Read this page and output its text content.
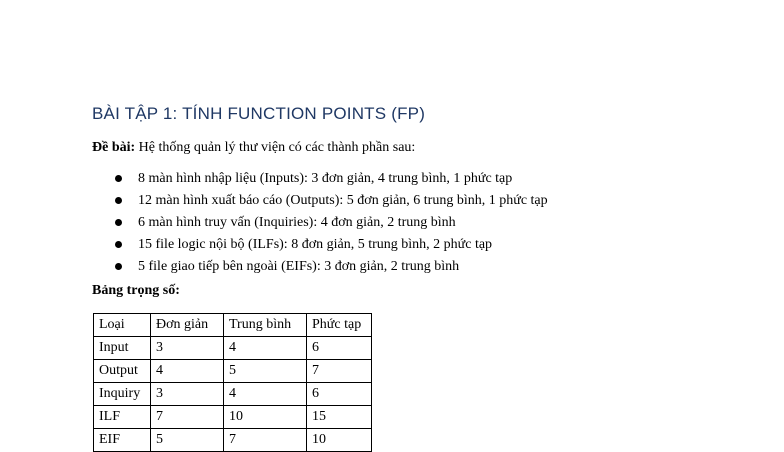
BÀI TẬP 1: TÍNH FUNCTION POINTS (FP)
Đề bài: Hệ thống quản lý thư viện có các thành phần sau:
8 màn hình nhập liệu (Inputs): 3 đơn giản, 4 trung bình, 1 phức tạp
12 màn hình xuất báo cáo (Outputs): 5 đơn giản, 6 trung bình, 1 phức tạp
6 màn hình truy vấn (Inquiries): 4 đơn giản, 2 trung bình
15 file logic nội bộ (ILFs): 8 đơn giản, 5 trung bình, 2 phức tạp
5 file giao tiếp bên ngoài (EIFs): 3 đơn giản, 2 trung bình
Bảng trọng số:
Loại	Đơn giản	Trung bình	Phức tạp
Input	3	4	6
Output	4	5	7
Inquiry	3	4	6
ILF	7	10	15
EIF	5	7	10
